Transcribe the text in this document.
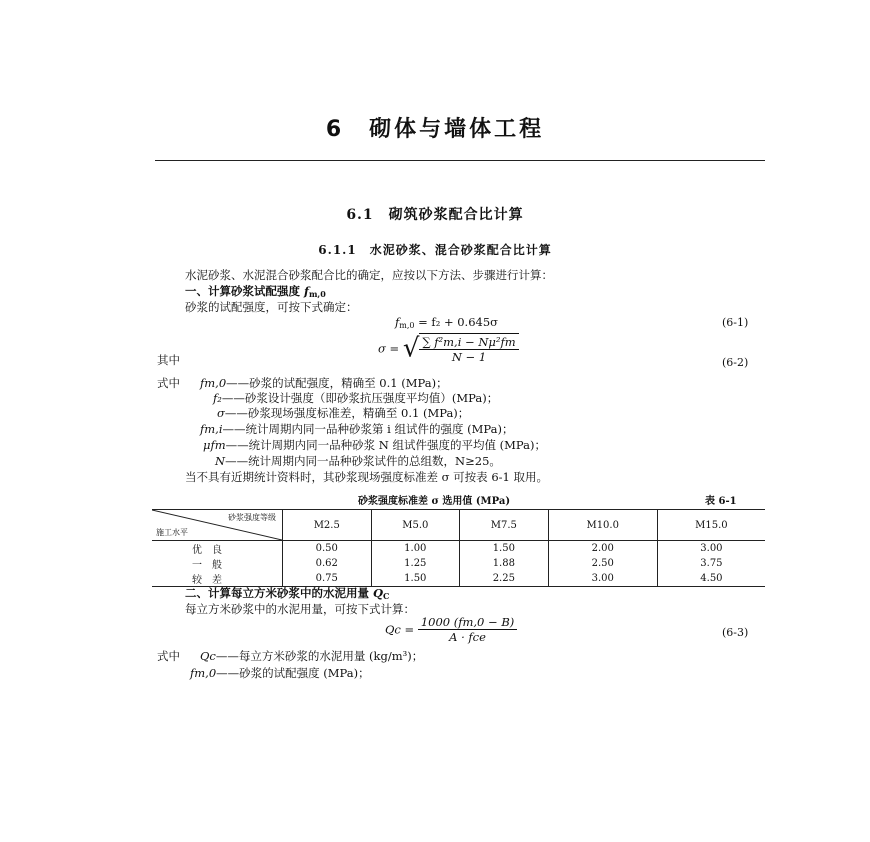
6　砌体与墙体工程
6.1　砌筑砂浆配合比计算
6.1.1　水泥砂浆、混合砂浆配合比计算
水泥砂浆、水泥混合砂浆配合比的确定，应按以下方法、步骤进行计算：
一、计算砂浆试配强度 $f_{m,0}$
砂浆的试配强度，可按下式确定：
$f_{m,0} = f_2 + 0.645\sigma$	(6-1)
其中
σ = √ $\frac{\text{∑ f²m,i − Nμ²fm}}{N - 1}$	(6-2)
式中 fm,0——砂浆的试配强度，精确至 0.1 (MPa)；
f₂——砂浆设计强度（即砂浆抗压强度平均值）(MPa)；
σ——砂浆现场强度标准差，精确至 0.1 (MPa)；
fm,i——统计周期内同一品种砂浆第 i 组试件的强度 (MPa)；
μfm——统计周期内同一品种砂浆 N 组试件强度的平均值 (MPa)；
N——统计周期内同一品种砂浆试件的总组数，N≥25。
当不具有近期统计资料时，其砂浆现场强度标准差 σ 可按表 6-1 取用。
砂浆强度标准差 σ 选用值 (MPa)	表 6-1
砂浆强度等级
施工水平	M2.5	M5.0	M7.5	M10.0	M15.0
优　良	0.50	1.00	1.50	2.00	3.00
一　般	0.62	1.25	1.88	2.50	3.75
较　差	0.75	1.50	2.25	3.00	4.50
二、计算每立方米砂浆中的水泥用量 $Q_C$
每立方米砂浆中的水泥用量，可按下式计算：
$Qc = \frac{1000 (fm,0 - B)}{\text{A · fce}}$	(6-3)
式中 Qc——每立方米砂浆的水泥用量 (kg/m³)；
fm,0——砂浆的试配强度 (MPa)；
